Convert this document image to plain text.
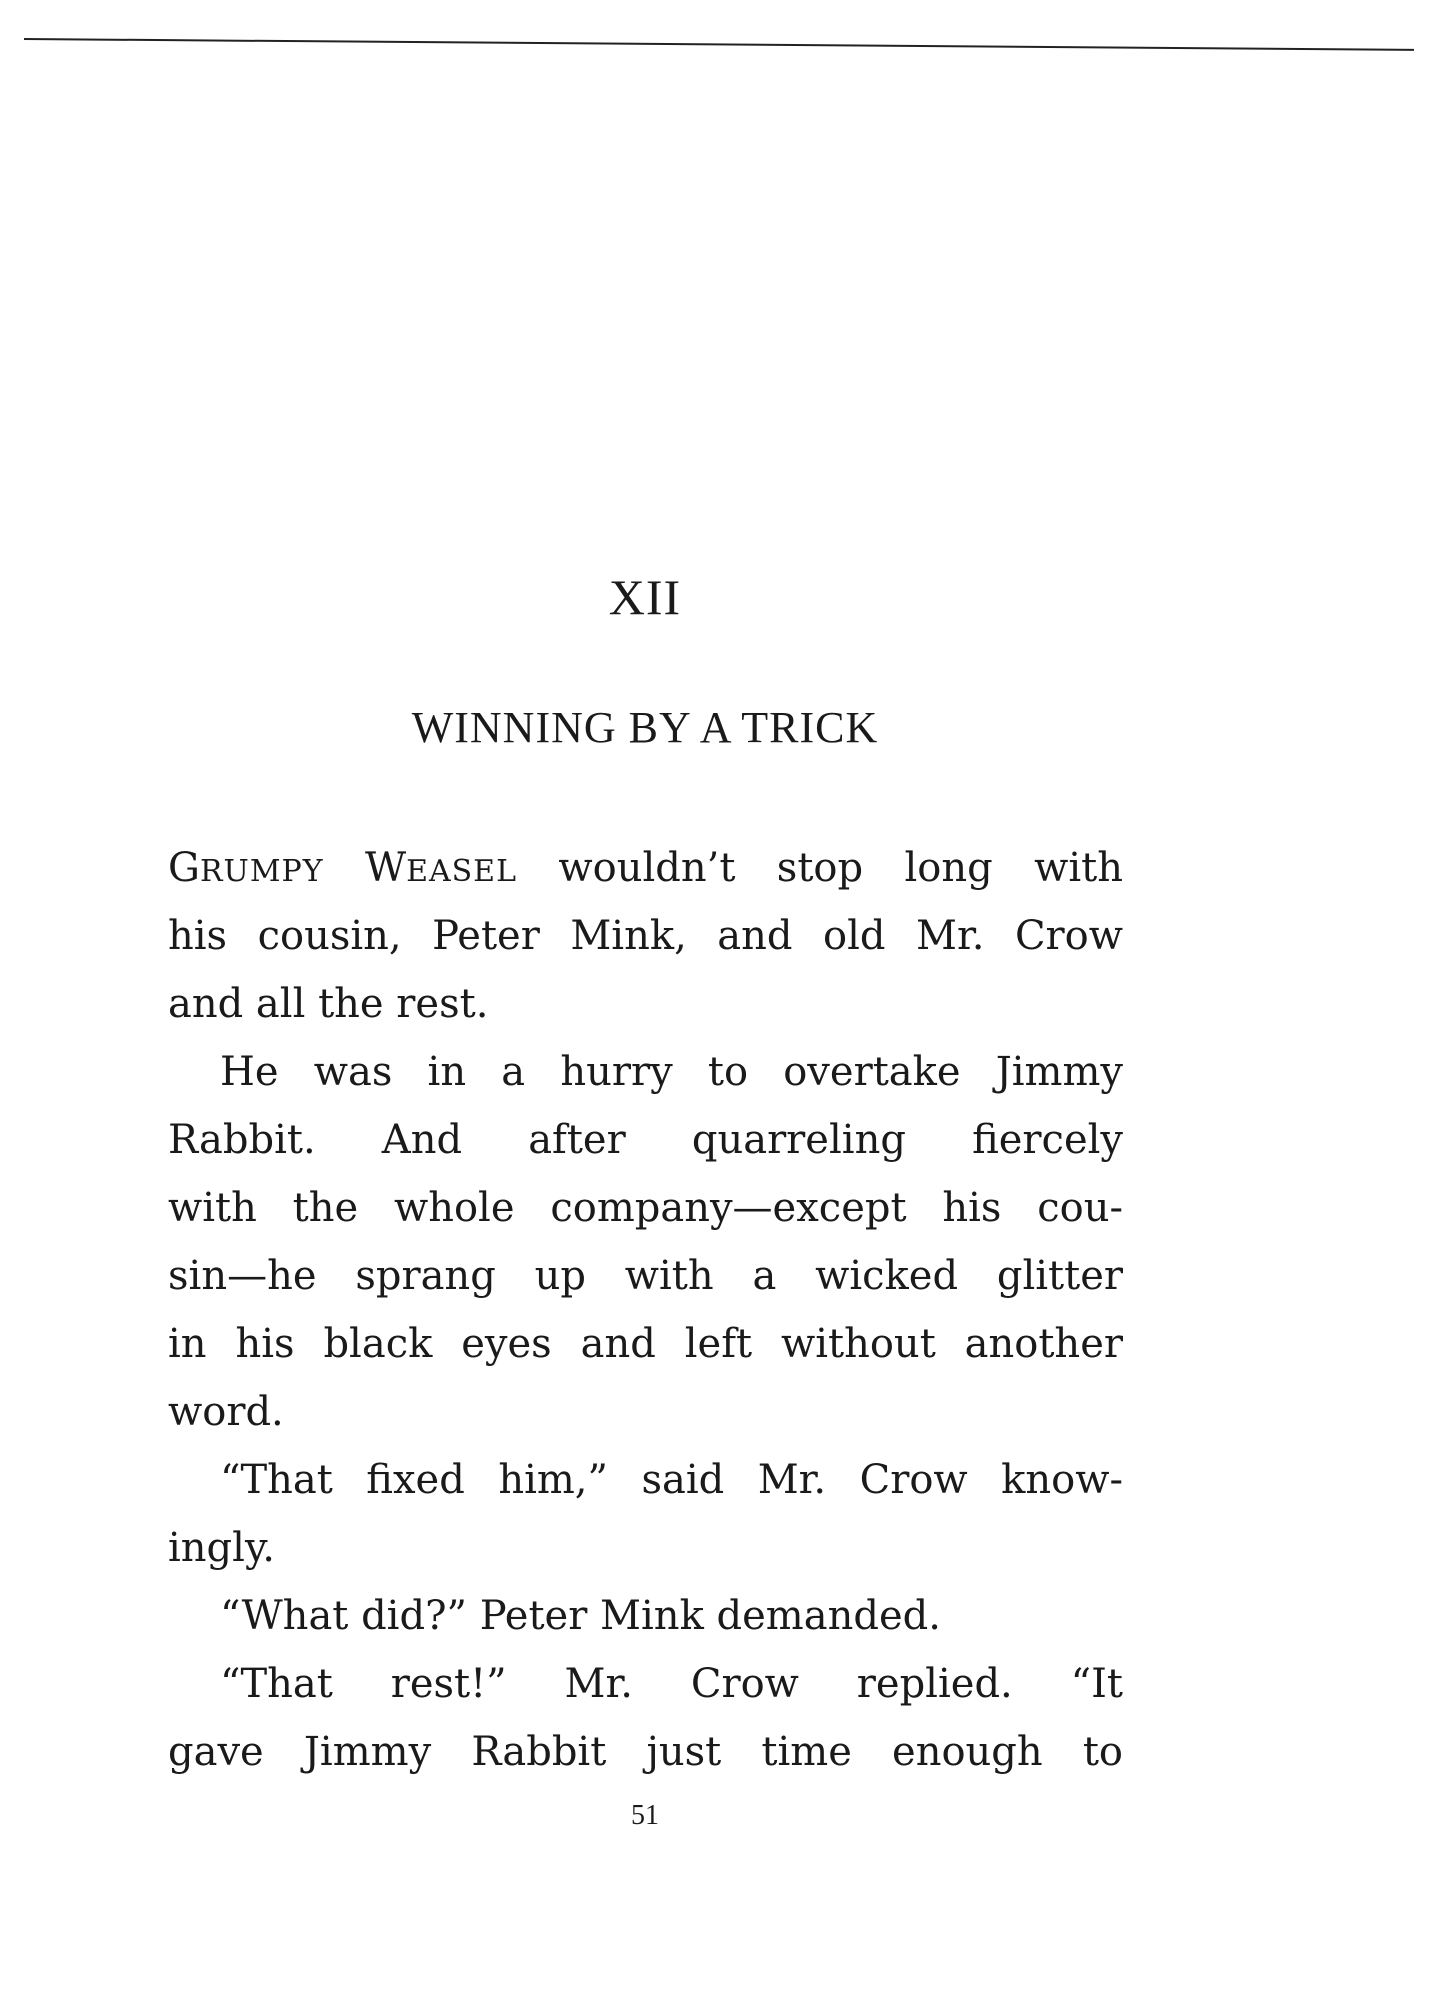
XII
WINNING BY A TRICK
GRUMPY WEASEL wouldn’t stop long with
his cousin, Peter Mink, and old Mr. Crow
and all the rest.
He was in a hurry to overtake Jimmy
Rabbit. And after quarreling fiercely
with the whole company—except his cou-
sin—he sprang up with a wicked glitter
in his black eyes and left without another
word.
“That fixed him,” said Mr. Crow know-
ingly.
“What did?” Peter Mink demanded.
“That rest!” Mr. Crow replied. “It
gave Jimmy Rabbit just time enough to

51
